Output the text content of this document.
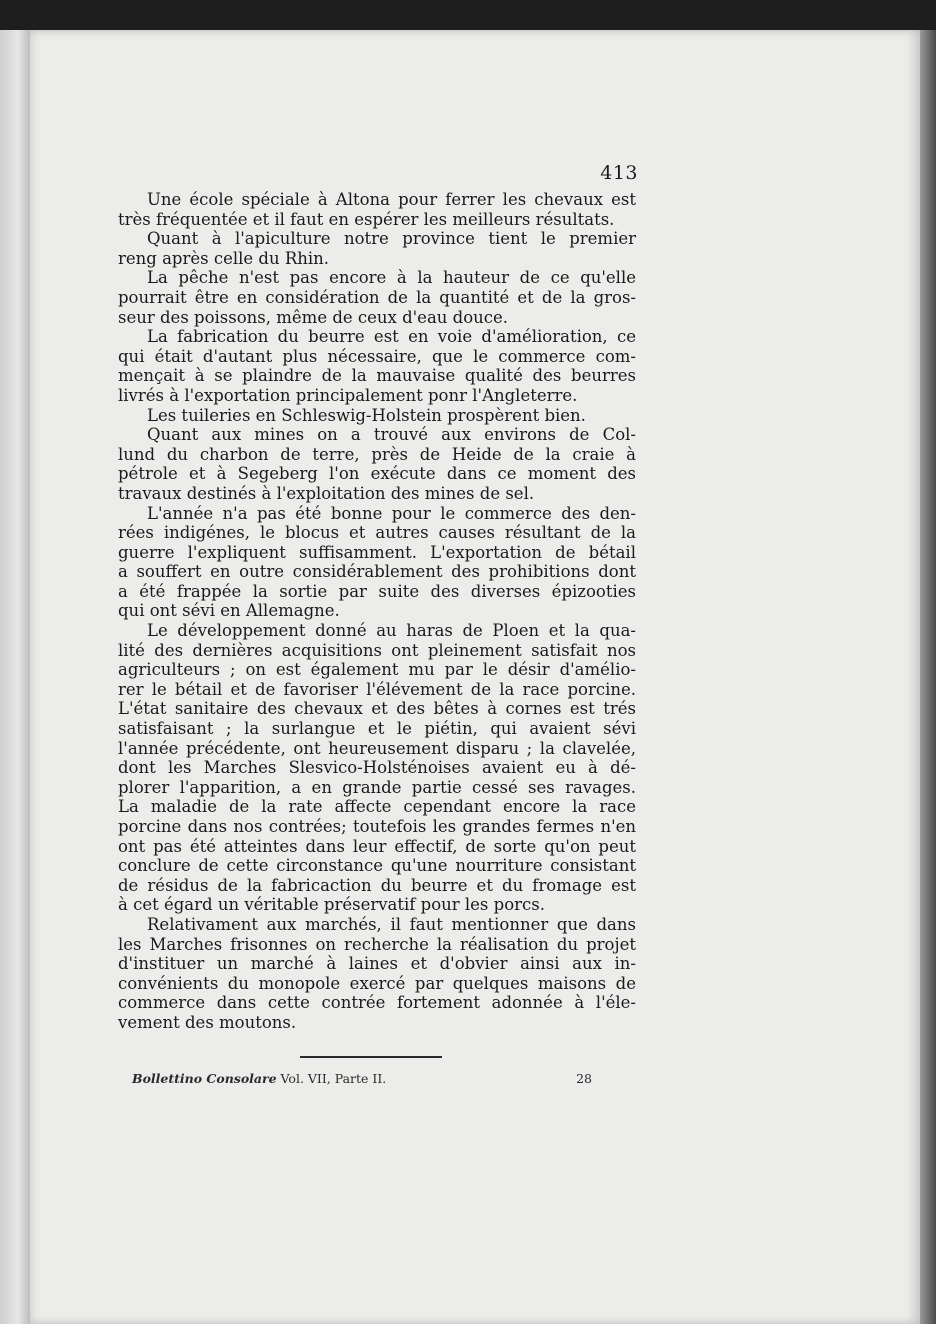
413
Une école spéciale à Altona pour ferrer les chevaux est
très fréquentée et il faut en espérer les meilleurs résultats.
Quant à l'apiculture notre province tient le premier
reng après celle du Rhin.
La pêche n'est pas encore à la hauteur de ce qu'elle
pourrait être en considération de la quantité et de la gros-
seur des poissons, même de ceux d'eau douce.
La fabrication du beurre est en voie d'amélioration, ce
qui était d'autant plus nécessaire, que le commerce com-
mençait à se plaindre de la mauvaise qualité des beurres
livrés à l'exportation principalement ponr l'Angleterre.
Les tuileries en Schleswig-Holstein prospèrent bien.
Quant aux mines on a trouvé aux environs de Col-
lund du charbon de terre, près de Heide de la craie à
pétrole et à Segeberg l'on exécute dans ce moment des
travaux destinés à l'exploitation des mines de sel.
L'année n'a pas été bonne pour le commerce des den-
rées indigénes, le blocus et autres causes résultant de la
guerre l'expliquent suffisamment. L'exportation de bétail
a souffert en outre considérablement des prohibitions dont
a été frappée la sortie par suite des diverses épizooties
qui ont sévi en Allemagne.
Le développement donné au haras de Ploen et la qua-
lité des dernières acquisitions ont pleinement satisfait nos
agriculteurs ; on est également mu par le désir d'amélio-
rer le bétail et de favoriser l'élévement de la race porcine.
L'état sanitaire des chevaux et des bêtes à cornes est trés
satisfaisant ; la surlangue et le piétin, qui avaient sévi
l'année précédente, ont heureusement disparu ; la clavelée,
dont les Marches Slesvico-Holsténoises avaient eu à dé-
plorer l'apparition, a en grande partie cessé ses ravages.
La maladie de la rate affecte cependant encore la race
porcine dans nos contrées; toutefois les grandes fermes n'en
ont pas été atteintes dans leur effectif, de sorte qu'on peut
conclure de cette circonstance qu'une nourriture consistant
de résidus de la fabricaction du beurre et du fromage est
à cet égard un véritable préservatif pour les porcs.
Relativament aux marchés, il faut mentionner que dans
les Marches frisonnes on recherche la réalisation du projet
d'instituer un marché à laines et d'obvier ainsi aux in-
convénients du monopole exercé par quelques maisons de
commerce dans cette contrée fortement adonnée à l'éle-
vement des moutons.
Bollettino Consolare Vol. VII, Parte II.	28
